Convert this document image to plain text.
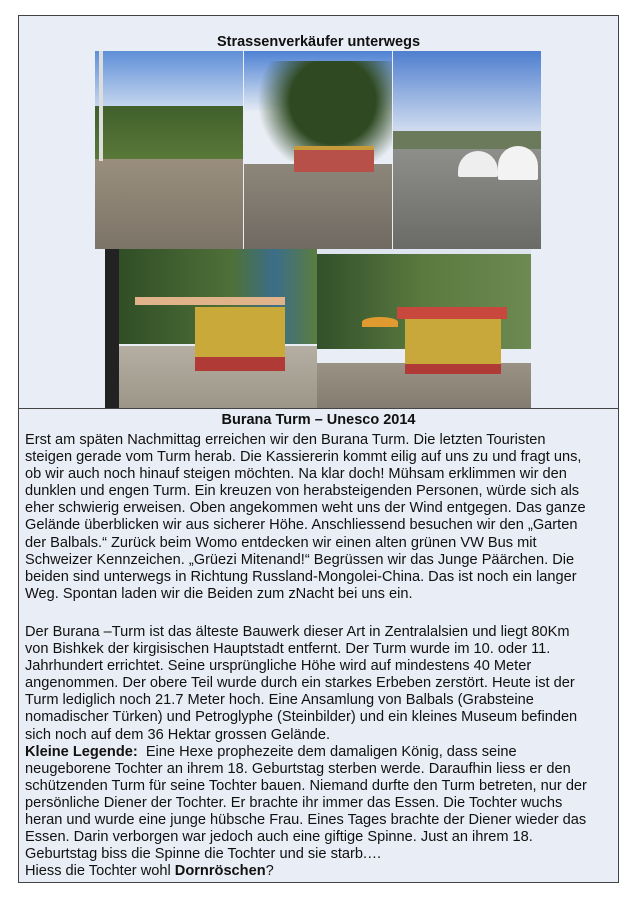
Strassenverkäufer unterwegs
Burana Turm – Unesco 2014
Erst am späten Nachmittag erreichen wir den Burana Turm. Die letzten Touristen
steigen gerade vom Turm herab. Die Kassiererin kommt eilig auf uns zu und fragt uns,
ob wir auch noch hinauf steigen möchten. Na klar doch! Mühsam erklimmen wir den
dunklen und engen Turm. Ein kreuzen von herabsteigenden Personen, würde sich als
eher schwierig erweisen. Oben angekommen weht uns der Wind entgegen. Das ganze
Gelände überblicken wir aus sicherer Höhe. Anschliessend besuchen wir den „Garten
der Balbals.“ Zurück beim Womo entdecken wir einen alten grünen VW Bus mit
Schweizer Kennzeichen. „Grüezi Mitenand!“ Begrüssen wir das Junge Päärchen. Die
beiden sind unterwegs in Richtung Russland-Mongolei-China. Das ist noch ein langer
Weg. Spontan laden wir die Beiden zum zNacht bei uns ein.
Der Burana –Turm ist das älteste Bauwerk dieser Art in Zentralalsien und liegt 80Km
von Bishkek der kirgisischen Hauptstadt entfernt. Der Turm wurde im 10. oder 11.
Jahrhundert errichtet. Seine ursprüngliche Höhe wird auf mindestens 40 Meter
angenommen. Der obere Teil wurde durch ein starkes Erbeben zerstört. Heute ist der
Turm lediglich noch 21.7 Meter hoch. Eine Ansamlung von Balbals (Grabsteine
nomadischer Türken) und Petroglyphe (Steinbilder) und ein kleines Museum befinden
sich noch auf dem 36 Hektar grossen Gelände.
Kleine Legende:  Eine Hexe prophezeite dem damaligen König, dass seine
neugeborene Tochter an ihrem 18. Geburtstag sterben werde. Daraufhin liess er den
schützenden Turm für seine Tochter bauen. Niemand durfte den Turm betreten, nur der
persönliche Diener der Tochter. Er brachte ihr immer das Essen. Die Tochter wuchs
heran und wurde eine junge hübsche Frau. Eines Tages brachte der Diener wieder das
Essen. Darin verborgen war jedoch auch eine giftige Spinne. Just an ihrem 18.
Geburtstag biss die Spinne die Tochter und sie starb.…
Hiess die Tochter wohl Dornröschen?
